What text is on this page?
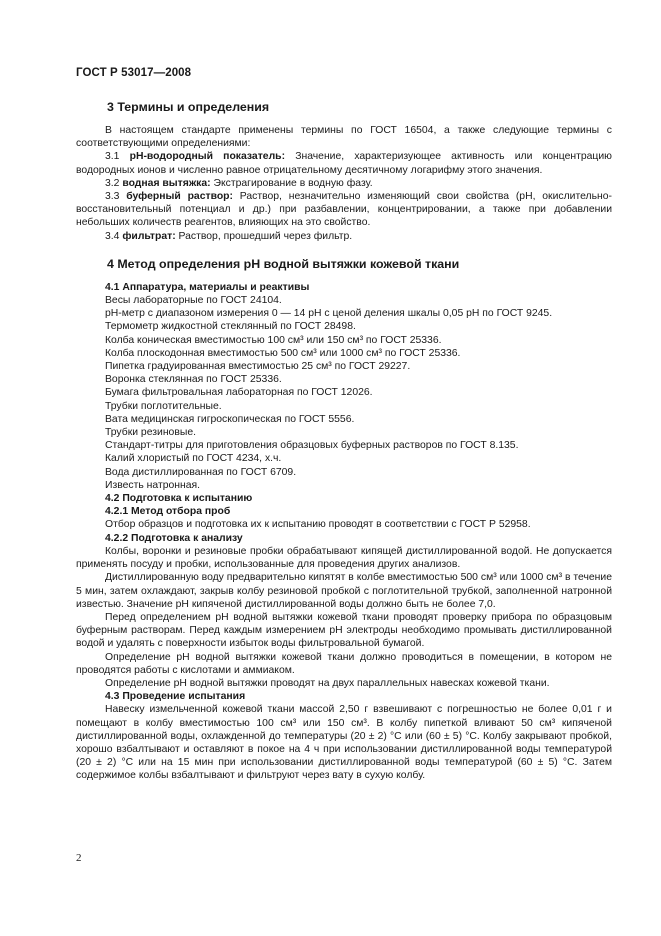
ГОСТ Р 53017—2008
3 Термины и определения

В настоящем стандарте применены термины по ГОСТ 16504, а также следующие термины с соответствующими определениями:

3.1 pH-водородный показатель: Значение, характеризующее активность или концентрацию водородных ионов и численно равное отрицательному десятичному логарифму этого значения.

3.2 водная вытяжка: Экстрагирование в водную фазу.

3.3 буферный раствор: Раствор, незначительно изменяющий свои свойства (pH, окислительно-восстановительный потенциал и др.) при разбавлении, концентрировании, а также при добавлении небольших количеств реагентов, влияющих на это свойство.

3.4 фильтрат: Раствор, прошедший через фильтр.

4 Метод определения pH водной вытяжки кожевой ткани
4.1 Аппаратура, материалы и реактивы

Весы лабораторные по ГОСТ 24104.

pH-метр с диапазоном измерения 0 — 14 pH с ценой деления шкалы 0,05 pH по ГОСТ 9245.

Термометр жидкостной стеклянный по ГОСТ 28498.

Колба коническая вместимостью 100 см³ или 150 см³ по ГОСТ 25336.

Колба плоскодонная вместимостью 500 см³ или 1000 см³ по ГОСТ 25336.

Пипетка градуированная вместимостью 25 см³ по ГОСТ 29227.

Воронка стеклянная по ГОСТ 25336.

Бумага фильтровальная лабораторная по ГОСТ 12026.

Трубки поглотительные.

Вата медицинская гигроскопическая по ГОСТ 5556.

Трубки резиновые.

Стандарт-титры для приготовления образцовых буферных растворов по ГОСТ 8.135.

Калий хлористый по ГОСТ 4234, х.ч.

Вода дистиллированная по ГОСТ 6709.

Известь натронная.

4.2 Подготовка к испытанию
4.2.1 Метод отбора проб

Отбор образцов и подготовка их к испытанию проводят в соответствии с ГОСТ Р 52958.

4.2.2 Подготовка к анализу

Колбы, воронки и резиновые пробки обрабатывают кипящей дистиллированной водой. Не допускается применять посуду и пробки, использованные для проведения других анализов.

Дистиллированную воду предварительно кипятят в колбе вместимостью 500 см³ или 1000 см³ в течение 5 мин, затем охлаждают, закрыв колбу резиновой пробкой с поглотительной трубкой, заполненной натронной известью. Значение pH кипяченой дистиллированной воды должно быть не более 7,0.

Перед определением pH водной вытяжки кожевой ткани проводят проверку прибора по образцовым буферным растворам. Перед каждым измерением pH электроды необходимо промывать дистиллированной водой и удалять с поверхности избыток воды фильтровальной бумагой.

Определение pH водной вытяжки кожевой ткани должно проводиться в помещении, в котором не проводятся работы с кислотами и аммиаком.

Определение pH водной вытяжки проводят на двух параллельных навесках кожевой ткани.

4.3 Проведение испытания

Навеску измельченной кожевой ткани массой 2,50 г взвешивают с погрешностью не более 0,01 г и помещают в колбу вместимостью 100 см³ или 150 см³. В колбу пипеткой вливают 50 см³ кипяченой дистиллированной воды, охлажденной до температуры (20 ± 2) °С или (60 ± 5) °С. Колбу закрывают пробкой, хорошо взбалтывают и оставляют в покое на 4 ч при использовании дистиллированной воды температурой (20 ± 2) °С или на 15 мин при использовании дистиллированной воды температурой (60 ± 5) °С. Затем содержимое колбы взбалтывают и фильтруют через вату в сухую колбу.

2
